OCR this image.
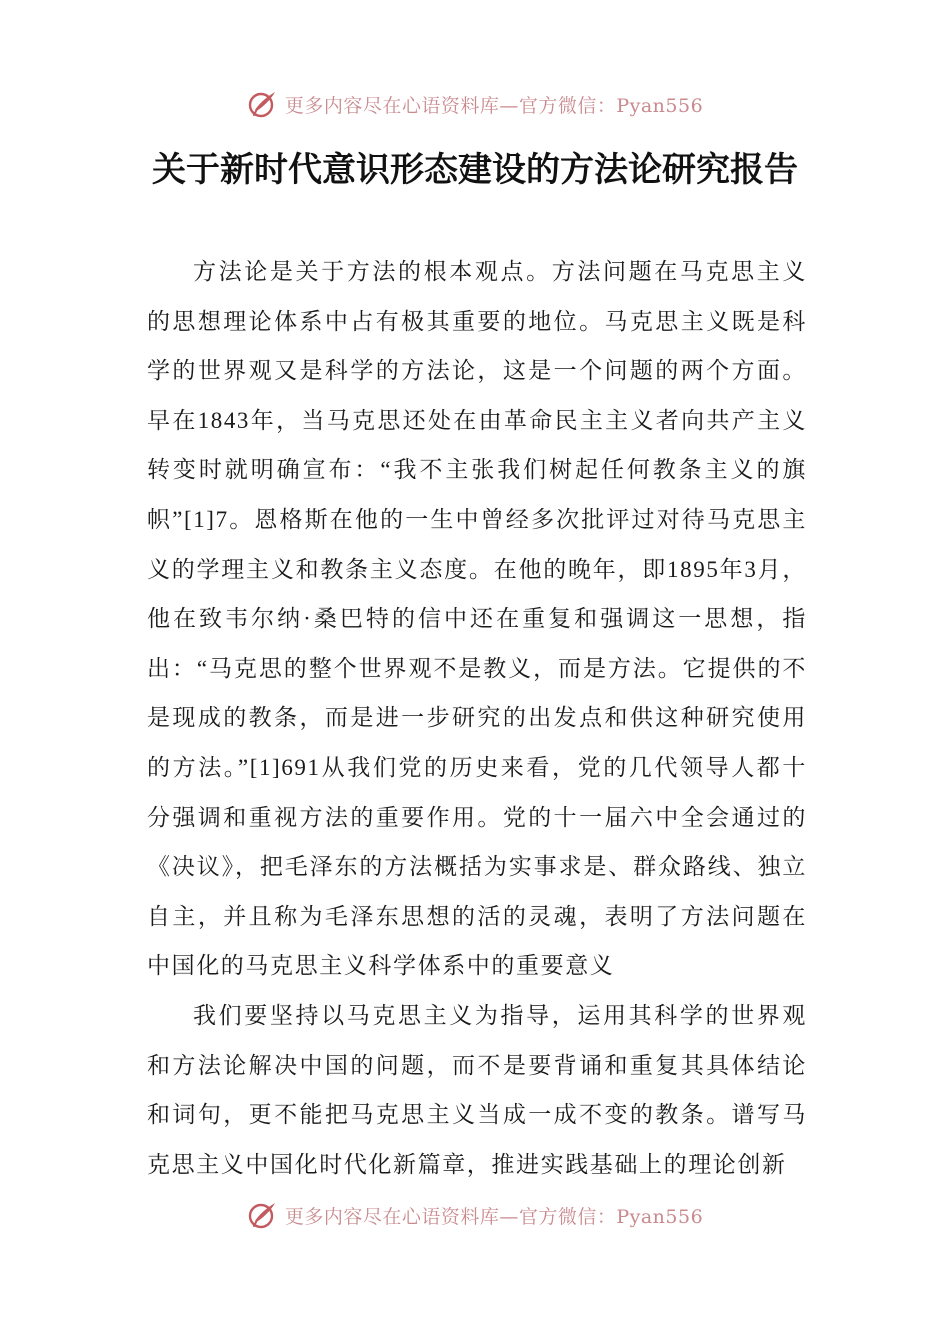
更多内容尽在心语资料库—官方微信：Pyan556
关于新时代意识形态建设的方法论研究报告

方法论是关于方法的根本观点。方法问题在马克思主义的思想理论体系中占有极其重要的地位。马克思主义既是科学的世界观又是科学的方法论，这是一个问题的两个方面。早在1843年，当马克思还处在由革命民主主义者向共产主义转变时就明确宣布：“我不主张我们树起任何教条主义的旗帜”[1]7。恩格斯在他的一生中曾经多次批评过对待马克思主义的学理主义和教条主义态度。在他的晚年，即1895年3月，他在致韦尔纳·桑巴特的信中还在重复和强调这一思想，指出：“马克思的整个世界观不是教义，而是方法。它提供的不是现成的教条，而是进一步研究的出发点和供这种研究使用的方法。”[1]691从我们党的历史来看，党的几代领导人都十分强调和重视方法的重要作用。党的十一届六中全会通过的《决议》，把毛泽东的方法概括为实事求是、群众路线、独立自主，并且称为毛泽东思想的活的灵魂，表明了方法问题在中国化的马克思主义科学体系中的重要意义

我们要坚持以马克思主义为指导，运用其科学的世界观和方法论解决中国的问题，而不是要背诵和重复其具体结论和词句，更不能把马克思主义当成一成不变的教条。谱写马克思主义中国化时代化新篇章，推进实践基础上的理论创新

更多内容尽在心语资料库—官方微信：Pyan556
